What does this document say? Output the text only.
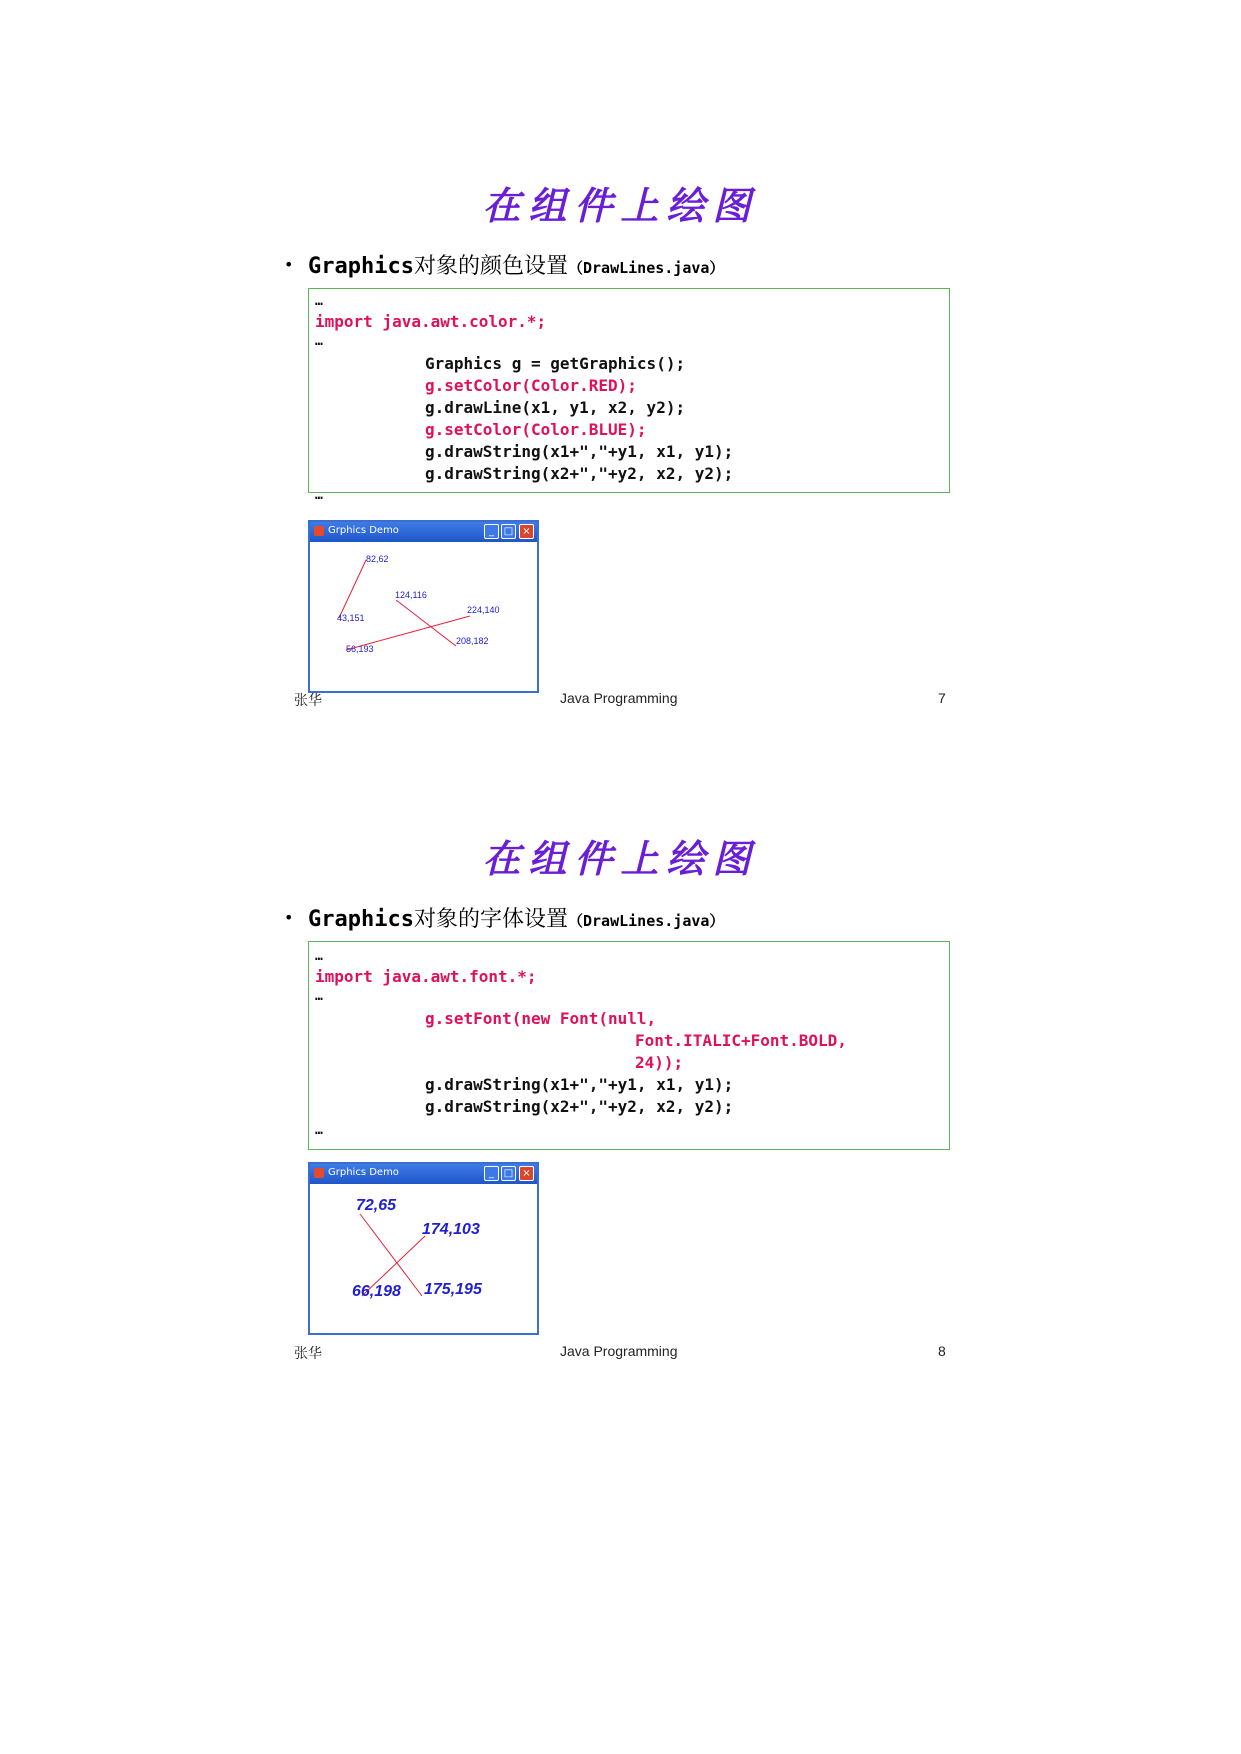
在组件上绘图
• Graphics对象的颜色设置（DrawLines.java）
…
import java.awt.color.*;
…
Graphics g = getGraphics();
g.setColor(Color.RED);
g.drawLine(x1, y1, x2, y2);
g.setColor(Color.BLUE);
g.drawString(x1+","+y1, x1, y1);
g.drawString(x2+","+y2, x2, y2);
…
Grphics Demo	_ □ ×
82,62
124,116
224,140
43,151
208,182
56,193
张华	Java Programming	7
在组件上绘图
• Graphics对象的字体设置（DrawLines.java）
…
import java.awt.font.*;
…
g.setFont(new Font(null,
Font.ITALIC+Font.BOLD,
24));
g.drawString(x1+","+y1, x1, y1);
g.drawString(x2+","+y2, x2, y2);
…
Grphics Demo	_ □ ×
72,65
174,103
66,198 175,195
张华	Java Programming	8
